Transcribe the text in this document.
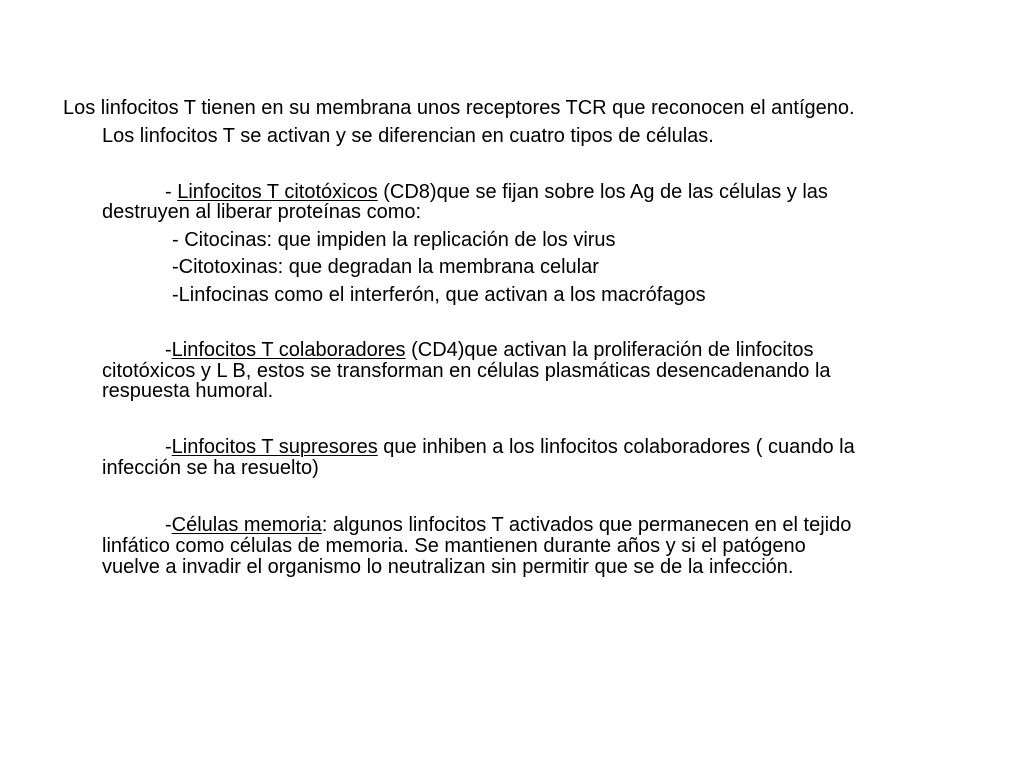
Los linfocitos T tienen en su membrana unos receptores TCR que reconocen el antígeno.
Los linfocitos T se activan y se diferencian en cuatro tipos de células.
- Linfocitos T citotóxicos (CD8)que se fijan sobre los Ag de las células y las
destruyen al liberar proteínas como:
- Citocinas: que impiden la replicación de los virus
-Citotoxinas: que degradan la membrana celular
-Linfocinas como el interferón, que activan a los macrófagos
-Linfocitos T colaboradores (CD4)que activan la proliferación de linfocitos
citotóxicos y L B, estos se transforman en células plasmáticas desencadenando la
respuesta humoral.
-Linfocitos T supresores que inhiben a los linfocitos colaboradores ( cuando la
infección se ha resuelto)
-Células memoria: algunos linfocitos T activados que permanecen en el tejido
linfático como células de memoria. Se mantienen durante años y si el patógeno
vuelve a invadir el organismo lo neutralizan sin permitir que se de la infección.
